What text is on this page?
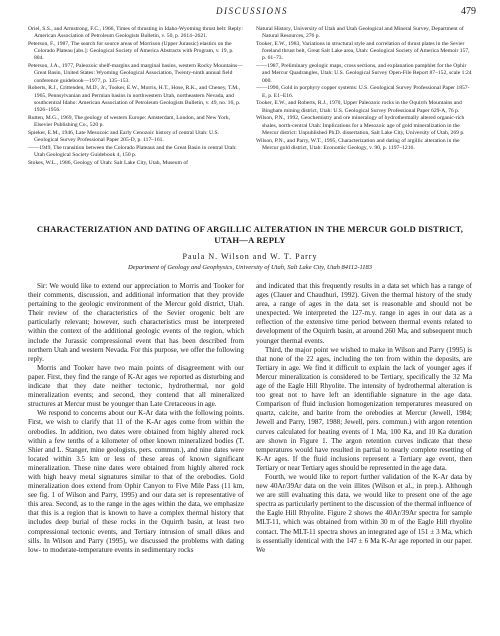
DISCUSSIONS	479

Oriel, S.S., and Armstrong, F.C., 1966, Times of thrusting in Idaho-Wyoming thrust belt: Reply: American Association of Petroleum Geologists Bulletin, v. 50, p. 2614–2621.

Peterson, F., 1987, The search for source areas of Morrison (Upper Jurassic) elastics on the Colorado Plateau [abs.]: Geological Society of America Abstracts with Program, v. 19, p. 804.

Peterson, J.A., 1977, Paleozoic shelf-margins and marginal basins, western Rocky Mountains—Great Basin, United States: Wyoming Geological Association, Twenty-ninth annual field conference guidebook—1977, p. 135–153.

Roberts, R.J., Crittenden, M.D., Jr., Tooker, E.W., Morris, H.T., Hose, R.K., and Cheney, T.M., 1965, Pennsylvanian and Permian basins in northwestern Utah, northeastern Nevada, and southcentral Idaho: American Association of Petroleum Geologists Bulletin, v. 49, no. 16, p. 1926–1956.

Rutten, M.G., 1969, The geology of western Europe: Amsterdam, London, and New York, Elsevier Publishing Co., 520 p.

Spieker, E.M., 1946, Late Mesozoic and Early Cenozoic history of central Utah: U.S. Geological Survey Professional Paper 205-D, p. 117–161.

——1949, The transition between the Colorado Plateaus and the Great Basin in central Utah: Utah Geological Society Guidebook 4, 150 p.

Stokes, W.L., 1986, Geology of Utah: Salt Lake City, Utah, Museum of

Natural History, University of Utah and Utah Geological and Mineral Survey, Department of Natural Resources, 276 p.

Tooker, E.W., 1983, Variations in structural style and correlation of thrust plates in the Sevier foreland thrust belt, Great Salt Lake area, Utah: Geological Society of America Memoir 157, p. 61–73.

——1987, Preliminary geologic maps, cross sections, and explanation pamphlet for the Ophir and Mercur Quadrangles, Utah: U.S. Geological Survey Open-File Report 87–152, scale 1:24 000.

——1990, Gold in porphyry copper systems: U.S. Geological Survey Professional Paper 1857-E, p. E1–E16.

Tooker, E.W., and Roberts, R.J., 1970, Upper Paleozoic rocks in the Oquirrh Mountains and Bingham mining district, Utah: U.S. Geological Survey Professional Paper 629-A, 76 p.

Wilson, P.N., 1992, Geochemistry and ore mineralogy of hydrothermally altered organic-rich shales, north-central Utah: Implications for a Mesozoic age of gold mineralization in the Mercur district: Unpublished Ph.D. dissertation, Salt Lake City, University of Utah, 269 p.

Wilson, P.N., and Parry, W.T., 1995, Characterization and dating of argillic alteration in the Mercur gold district, Utah: Economic Geology, v. 90, p. 1197–1216.

CHARACTERIZATION AND DATING OF ARGILLIC ALTERATION IN THE MERCUR GOLD DISTRICT, UTAH—A REPLY
Paula N. Wilson and W. T. Parry
Department of Geology and Geophysics, University of Utah, Salt Lake City, Utah 84112-1183

Sir: We would like to extend our appreciation to Morris and Tooker for their comments, discussion, and additional information that they provide pertaining to the geologic environment of the Mercur gold district, Utah. Their review of the characteristics of the Sevier orogenic belt are particularly relevant; however, such characteristics must be interpreted within the context of the additional geologic events of the region, which include the Jurassic compressional event that has been described from northern Utah and western Nevada. For this purpose, we offer the following reply.

Morris and Tooker have two main points of disagreement with our paper. First, they find the range of K-Ar ages we reported as disturbing and indicate that they date neither tectonic, hydrothermal, nor gold mineralization events; and second, they contend that all mineralized structures at Mercur must be younger than Late Cretaceous in age.

We respond to concerns about our K-Ar data with the following points. First, we wish to clarify that 11 of the K-Ar ages come from within the orebodies. In addition, two dates were obtained from highly altered rock within a few tenths of a kilometer of other known mineralized bodies (T. Shier and L. Stanger, mine geologists, pers. commun.), and nine dates were located within 3.5 km or less of these areas of known significant mineralization. These nine dates were obtained from highly altered rock with high heavy metal signatures similar to that of the orebodies. Gold mineralization does extend from Ophir Canyon to Five Mile Pass (11 km, see fig. 1 of Wilson and Parry, 1995) and our data set is representative of this area. Second, as to the range in the ages within the data, we emphasize that this is a region that is known to have a complex thermal history that includes deep burial of these rocks in the Oquirrh basin, at least two compressional tectonic events, and Tertiary intrusion of small dikes and sills. In Wilson and Parry (1995), we discussed the problems with dating low- to moderate-temperature events in sedimentary rocks

and indicated that this frequently results in a data set which has a range of ages (Clauer and Chaudhuri, 1992). Given the thermal history of the study area, a range of ages in the data set is reasonable and should not be unexpected. We interpreted the 127-m.y. range in ages in our data as a reflection of the extensive time period between thermal events related to development of the Oquirrh basin, at around 260 Ma, and subsequent much younger thermal events.

Third, the major point we wished to make in Wilson and Parry (1995) is that none of the 22 ages, including the ten from within the deposits, are Tertiary in age. We find it difficult to explain the lack of younger ages if Mercur mineralization is considered to be Tertiary, specifically the 32 Ma age of the Eagle Hill Rhyolite. The intensity of hydrothermal alteration is too great not to have left an identifiable signature in the age data. Comparison of fluid inclusion homogenization temperatures measured on quartz, calcite, and barite from the orebodies at Mercur (Jewell, 1984; Jewell and Parry, 1987, 1988; Jewell, pers. commun.) with argon retention curves calculated for heating events of 1 Ma, 100 Ka, and 10 Ka duration are shown in Figure 1. The argon retention curves indicate that these temperatures would have resulted in partial to nearly complete resetting of K-Ar ages. If the fluid inclusions represent a Tertiary age event, then Tertiary or near Tertiary ages should be represented in the age data.

Fourth, we would like to report further validation of the K-Ar data by new 40Ar/39Ar data on the vein illites (Wilson et al., in prep.). Although we are still evaluating this data, we would like to present one of the age spectra as particularly pertinent to the discussion of the thermal influence of the Eagle Hill Rhyolite. Figure 2 shows the 40Ar/39Ar spectra for sample MLT-11, which was obtained from within 30 m of the Eagle Hill rhyolite contact. The MLT-11 spectra shows an integrated age of 151 ± 3 Ma, which is essentially identical with the 147 ± 6 Ma K-Ar age reported in our paper. We
